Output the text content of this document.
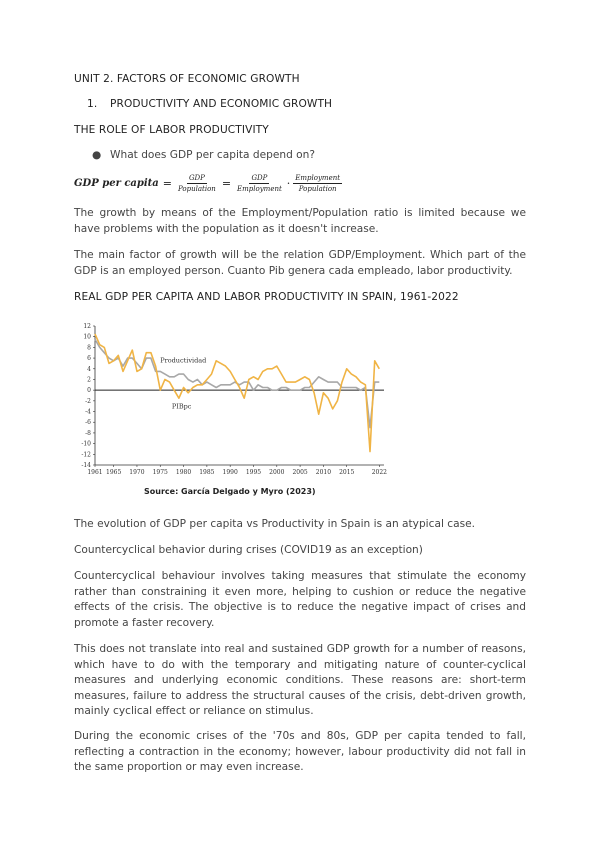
UNIT 2. FACTORS OF ECONOMIC GROWTH
1. PRODUCTIVITY AND ECONOMIC GROWTH
THE ROLE OF LABOR PRODUCTIVITY
● What does GDP per capita depend on?
GDP per capita = $\frac{\text{GDP}}{\text{Population}} = \frac{\text{GDP}}{\text{Employment}} \cdot \frac{\text{Employment}}{\text{Population}}$
The growth by means of the Employment/Population ratio is limited because we have problems with the population as it doesn't increase.
The main factor of growth will be the relation GDP/Employment. Which part of the GDP is an employed person. Cuanto Pib genera cada empleado, labor productivity.
REAL GDP PER CAPITA AND LABOR PRODUCTIVITY IN SPAIN, 1961-2022
12
10
8
6
4
2
0
-2
-4
-6
-8
-10
-12
-14
1961 1965 1970 1975 1980 1985 1990 1995 2000 2005 2010 2015	2022
Productividad
PIBpc
Source: García Delgado y Myro (2023)
The evolution of GDP per capita vs Productivity in Spain is an atypical case.
Countercyclical behavior during crises (COVID19 as an exception)
Countercyclical behaviour involves taking measures that stimulate the economy rather than constraining it even more, helping to cushion or reduce the negative effects of the crisis. The objective is to reduce the negative impact of crises and promote a faster recovery.
This does not translate into real and sustained GDP growth for a number of reasons, which have to do with the temporary and mitigating nature of counter-cyclical measures and underlying economic conditions. These reasons are: short-term measures, failure to address the structural causes of the crisis, debt-driven growth, mainly cyclical effect or reliance on stimulus.
During the economic crises of the '70s and 80s, GDP per capita tended to fall, reflecting a contraction in the economy; however, labour productivity did not fall in the same proportion or may even increase.
